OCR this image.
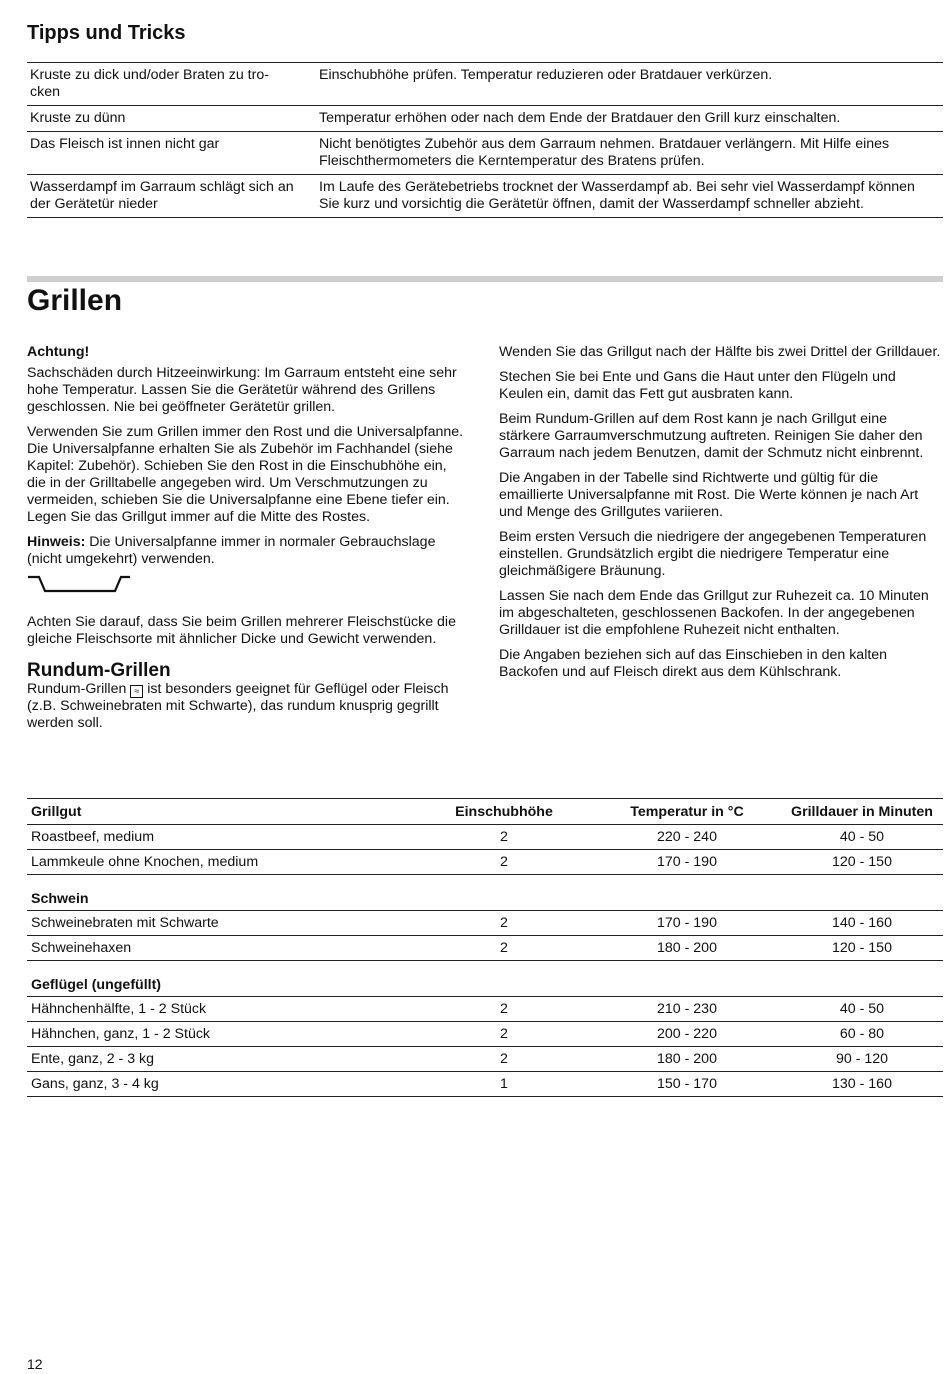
Tipps und Tricks
Kruste zu dick und/oder Braten zu tro-
cken	Einschubhöhe prüfen. Temperatur reduzieren oder Bratdauer verkürzen.
Kruste zu dünn	Temperatur erhöhen oder nach dem Ende der Bratdauer den Grill kurz einschalten.
Das Fleisch ist innen nicht gar	Nicht benötigtes Zubehör aus dem Garraum nehmen. Bratdauer verlängern. Mit Hilfe eines Fleischthermometers die Kerntemperatur des Bratens prüfen.
Wasserdampf im Garraum schlägt sich an der Gerätetür nieder	Im Laufe des Gerätebetriebs trocknet der Wasserdampf ab. Bei sehr viel Wasserdampf können Sie kurz und vorsichtig die Gerätetür öffnen, damit der Wasserdampf schneller abzieht.
Grillen

Achtung!

Sachschäden durch Hitzeeinwirkung: Im Garraum entsteht eine sehr hohe Temperatur. Lassen Sie die Gerätetür während des Grillens geschlossen. Nie bei geöffneter Gerätetür grillen.

Verwenden Sie zum Grillen immer den Rost und die Universalpfanne. Die Universalpfanne erhalten Sie als Zubehör im Fachhandel (siehe Kapitel: Zubehör). Schieben Sie den Rost in die Einschubhöhe ein, die in der Grilltabelle angegeben wird. Um Verschmutzungen zu vermeiden, schieben Sie die Universalpfanne eine Ebene tiefer ein. Legen Sie das Grillgut immer auf die Mitte des Rostes.

Hinweis: Die Universalpfanne immer in normaler Gebrauchslage (nicht umgekehrt) verwenden.

Achten Sie darauf, dass Sie beim Grillen mehrerer Fleischstücke die gleiche Fleischsorte mit ähnlicher Dicke und Gewicht verwenden.

Rundum-Grillen

Rundum-Grillen ≈ ist besonders geeignet für Geflügel oder Fleisch (z.B. Schweinebraten mit Schwarte), das rundum knusprig gegrillt werden soll.

Wenden Sie das Grillgut nach der Hälfte bis zwei Drittel der Grilldauer.

Stechen Sie bei Ente und Gans die Haut unter den Flügeln und Keulen ein, damit das Fett gut ausbraten kann.

Beim Rundum-Grillen auf dem Rost kann je nach Grillgut eine stärkere Garraumverschmutzung auftreten. Reinigen Sie daher den Garraum nach jedem Benutzen, damit der Schmutz nicht einbrennt.

Die Angaben in der Tabelle sind Richtwerte und gültig für die emaillierte Universalpfanne mit Rost. Die Werte können je nach Art und Menge des Grillgutes variieren.

Beim ersten Versuch die niedrigere der angegebenen Temperaturen einstellen. Grundsätzlich ergibt die niedrigere Temperatur eine gleichmäßigere Bräunung.

Lassen Sie nach dem Ende das Grillgut zur Ruhezeit ca. 10 Minuten im abgeschalteten, geschlossenen Backofen. In der angegebenen Grilldauer ist die empfohlene Ruhezeit nicht enthalten.

Die Angaben beziehen sich auf das Einschieben in den kalten Backofen und auf Fleisch direkt aus dem Kühlschrank.

Grillgut	Einschubhöhe	Temperatur in °C	Grilldauer in Minuten
Roastbeef, medium	2	220 - 240	40 - 50
Lammkeule ohne Knochen, medium	2	170 - 190	120 - 150
Schwein			
Schweinebraten mit Schwarte	2	170 - 190	140 - 160
Schweinehaxen	2	180 - 200	120 - 150
Geflügel (ungefüllt)			
Hähnchenhälfte, 1 - 2 Stück	2	210 - 230	40 - 50
Hähnchen, ganz, 1 - 2 Stück	2	200 - 220	60 - 80
Ente, ganz, 2 - 3 kg	2	180 - 200	90 - 120
Gans, ganz, 3 - 4 kg	1	150 - 170	130 - 160
12
